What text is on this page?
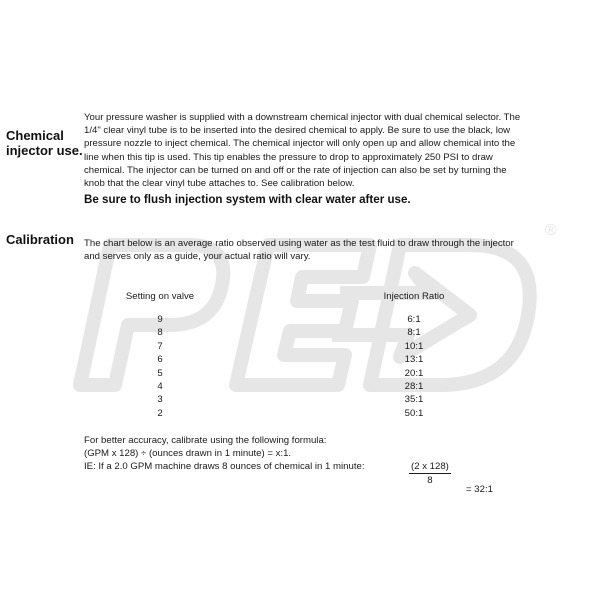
®
Chemical
injector use.

Your pressure washer is supplied with a downstream chemical injector with dual chemical selector. The

1/4" clear vinyl tube is to be inserted into the desired chemical to apply. Be sure to use the black, low

pressure nozzle to inject chemical. The chemical injector will only open up and allow chemical into the

line when this tip is used. This tip enables the pressure to drop to approximately 250 PSI to draw

chemical. The injector can be turned on and off or the rate of injection can also be set by turning the

knob that the clear vinyl tube attaches to. See calibration below.

Be sure to flush injection system with clear water after use.
Calibration The chart below is an average ratio observed using water as the test fluid to draw through the injector

and serves only as a guide, your actual ratio will vary.

Setting on valve
9
8
7
6
5
4
3
2
Injection Ratio
6:1
8:1
10:1
13:1
20:1
28:1
35:1
50:1
For better accuracy, calibrate using the following formula:
(GPM x 128) ÷ (ounces drawn in 1 minute) = x:1.
IE: If a 2.0 GPM machine draws 8 ounces of chemical in 1 minute:	$\frac{(2 x 128)}{8}$
= 32:1
